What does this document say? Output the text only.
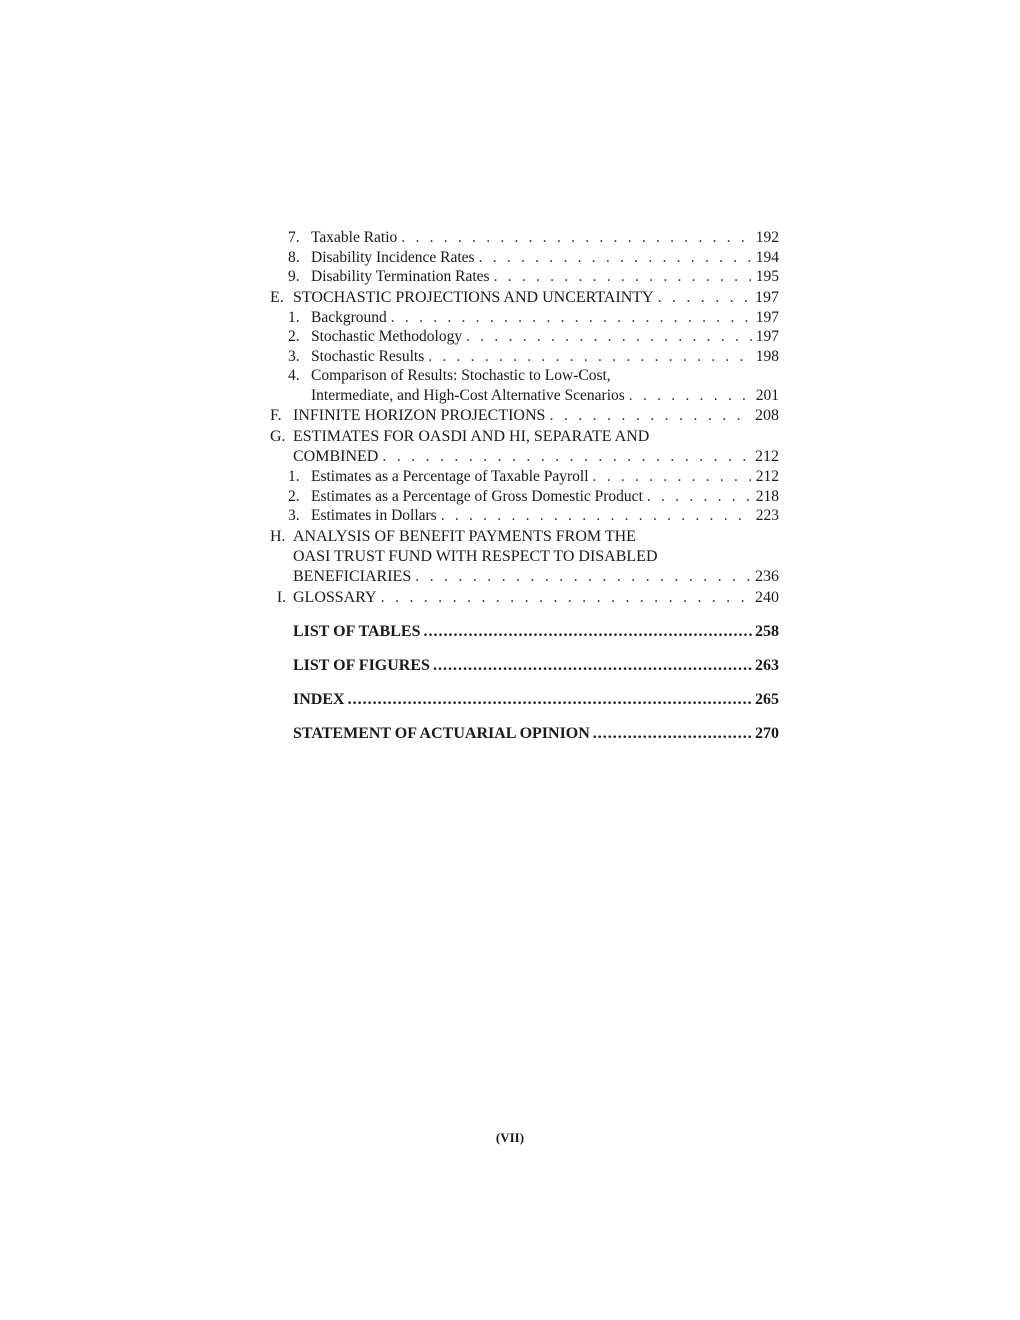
7. Taxable Ratio . . .	192
8. Disability Incidence Rates . . .	194
9. Disability Termination Rates . . .	195
E. STOCHASTIC PROJECTIONS AND UNCERTAINTY . . .	197
1. Background . . .	197
2. Stochastic Methodology . . .	197
3. Stochastic Results . . .	198
4. Comparison of Results: Stochastic to Low-Cost,
Intermediate, and High-Cost Alternative Scenarios . . .	201
F. INFINITE HORIZON PROJECTIONS . . .	208
G. ESTIMATES FOR OASDI AND HI, SEPARATE AND
COMBINED . . .	212
1. Estimates as a Percentage of Taxable Payroll . . .	212
2. Estimates as a Percentage of Gross Domestic Product . . .	218
3. Estimates in Dollars . . .	223
H. ANALYSIS OF BENEFIT PAYMENTS FROM THE
OASI TRUST FUND WITH RESPECT TO DISABLED
BENEFICIARIES . . .	236
I. GLOSSARY . . .	240
LIST OF TABLES .....	258
LIST OF FIGURES .....	263
INDEX .....	265
STATEMENT OF ACTUARIAL OPINION .....	270
(VII)
